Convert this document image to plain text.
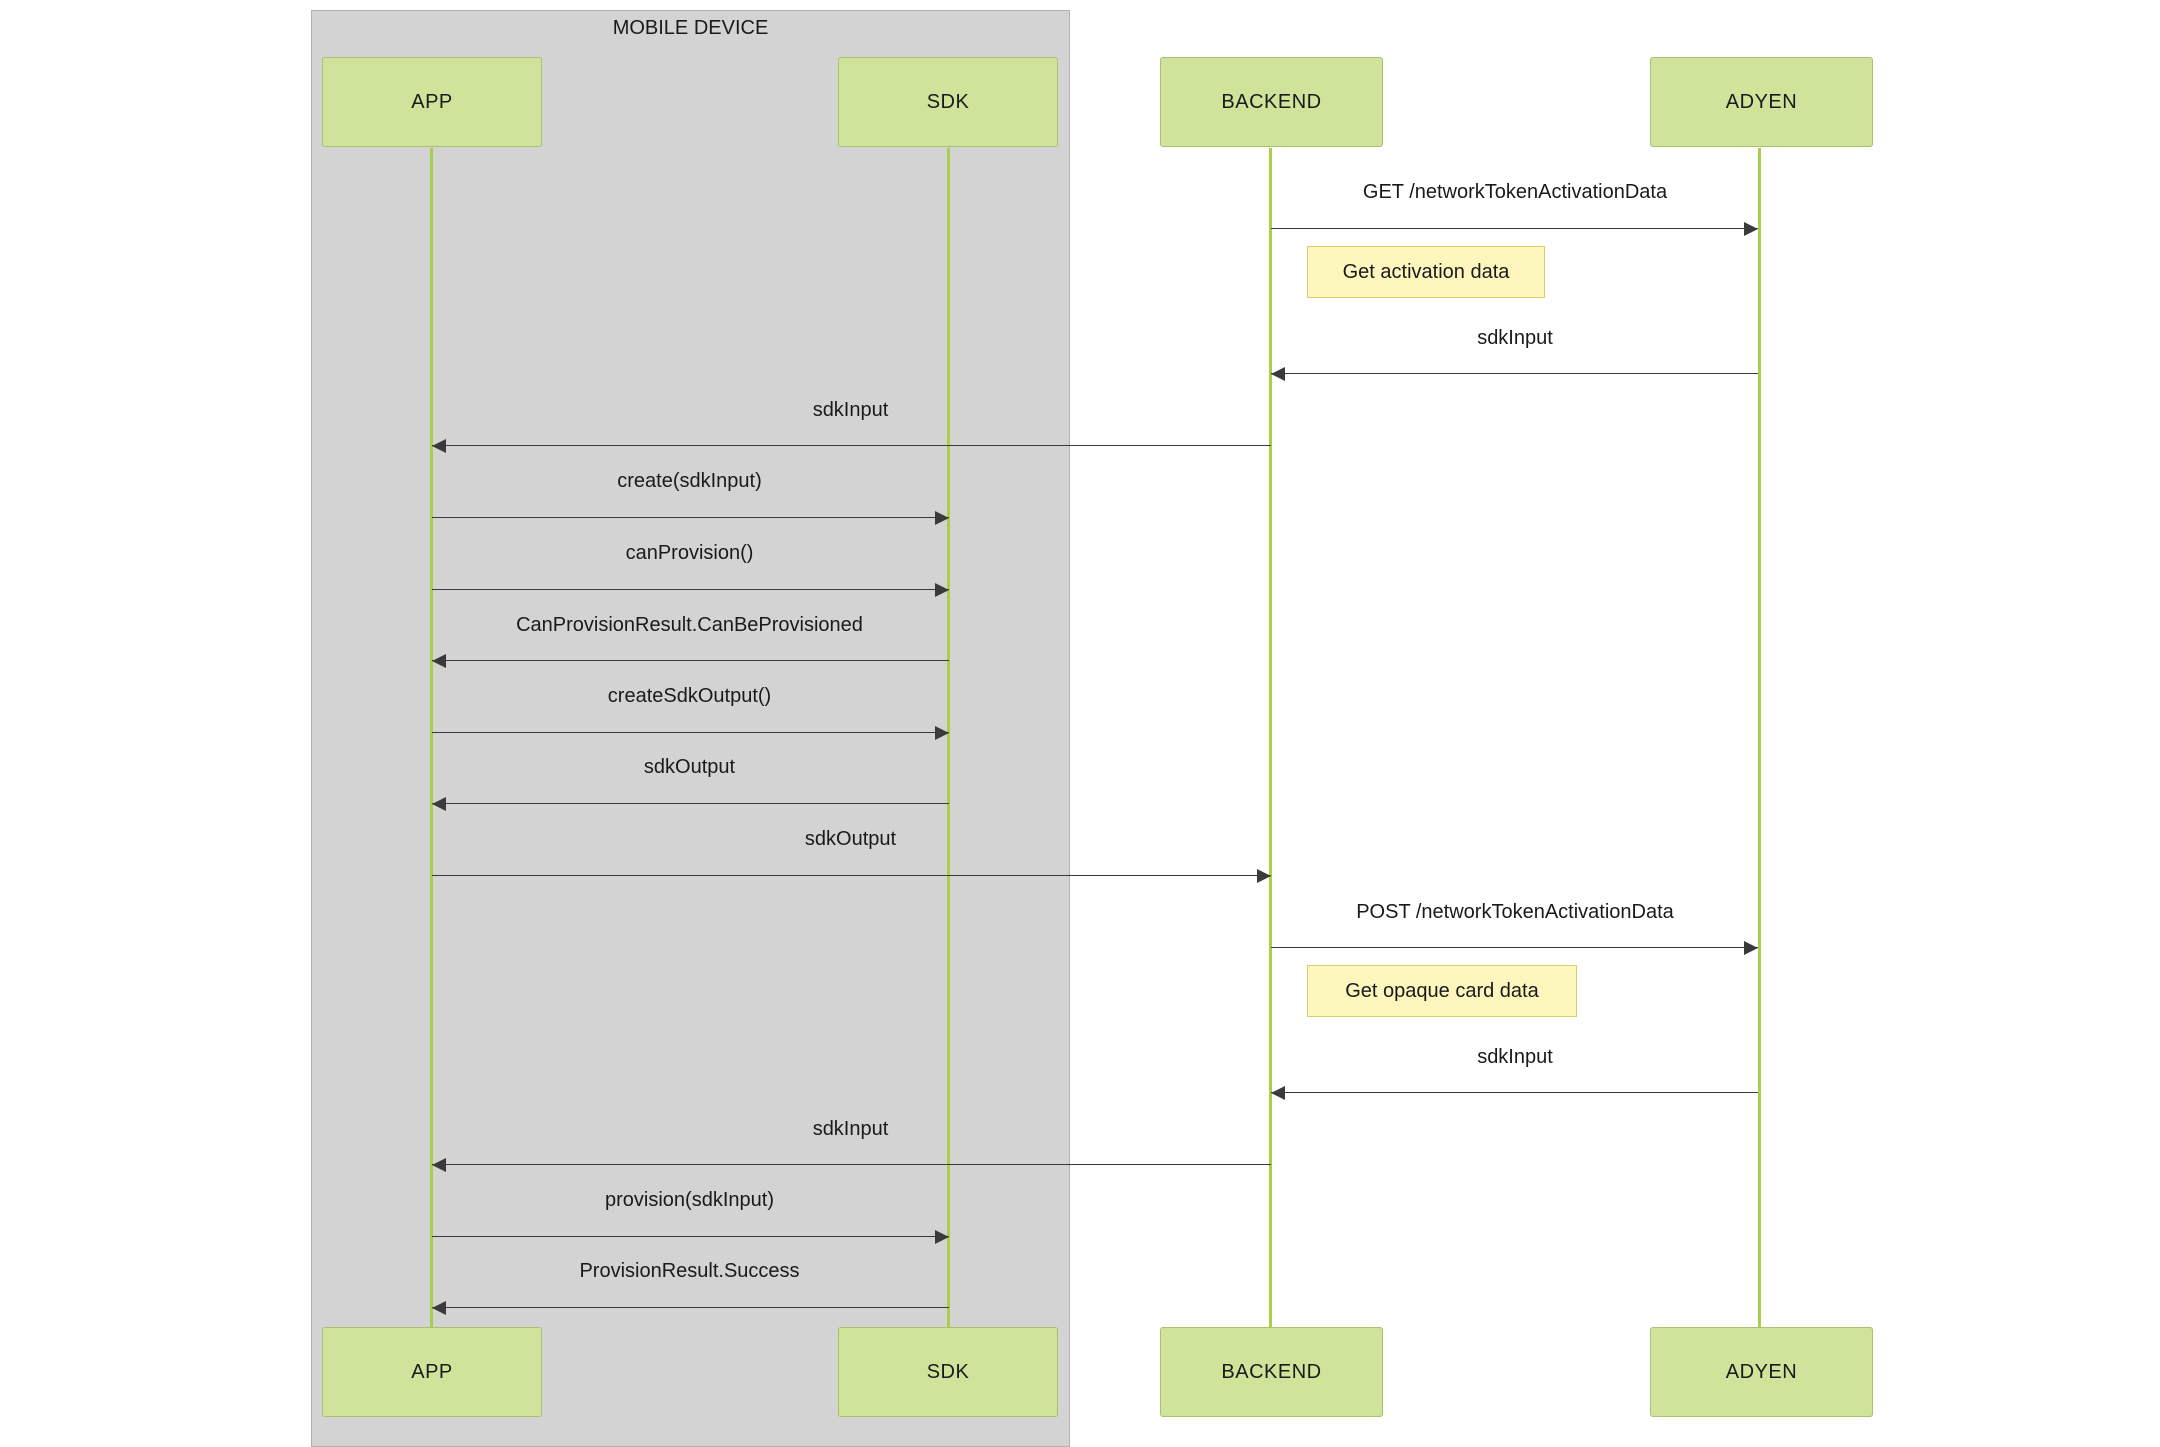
MOBILE DEVICE
APP	SDK	BACKEND	ADYEN
APP	SDK	BACKEND	ADYEN
GET /networkTokenActivationData
Get activation data
sdkInput
sdkInput
create(sdkInput)
canProvision()
CanProvisionResult.CanBeProvisioned
createSdkOutput()
sdkOutput
sdkOutput
POST /networkTokenActivationData
Get opaque card data
sdkInput
sdkInput
provision(sdkInput)
ProvisionResult.Success
